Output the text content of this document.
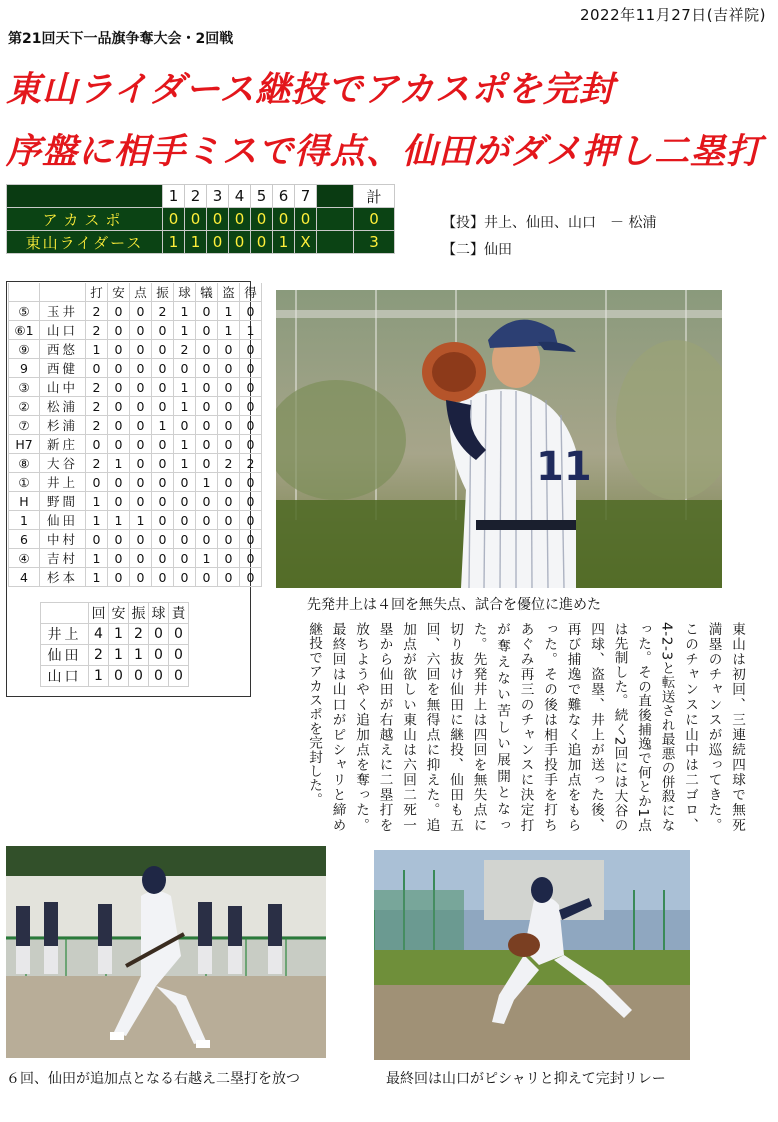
2022年11月27日(吉祥院)
第21回天下一品旗争奪大会・2回戦
東山ライダース継投でアカスポを完封
序盤に相手ミスで得点、仙田がダメ押し二塁打
	1	2	3	4	5	6	7		計
アカスポ	0	0	0	0	0	0	0		0
東山ライダース	1	1	0	0	0	1	X		3
【投】井上、仙田、山口　－ 松浦
【二】仙田
		打	安	点	振	球	犠	盗	得
⑤	玉井	2	0	0	2	1	0	1	0
⑥1	山口	2	0	0	0	1	0	1	1
⑨	西悠	1	0	0	0	2	0	0	0
9	西健	0	0	0	0	0	0	0	0
③	山中	2	0	0	0	1	0	0	0
②	松浦	2	0	0	0	1	0	0	0
⑦	杉浦	2	0	0	1	0	0	0	0
H7	新庄	0	0	0	0	1	0	0	0
⑧	大谷	2	1	0	0	1	0	2	2
①	井上	0	0	0	0	0	1	0	0
H	野間	1	0	0	0	0	0	0	0
1	仙田	1	1	1	0	0	0	0	0
6	中村	0	0	0	0	0	0	0	0
④	吉村	1	0	0	0	0	1	0	0
4	杉本	1	0	0	0	0	0	0	0
	回	安	振	球	責
井上	4	1	2	0	0
仙田	2	1	1	0	0
山口	1	0	0	0	0
11
先発井上は４回を無失点、試合を優位に進めた
東山は初回、三連続四球で無死満塁のチャンスが巡ってきた。このチャンスに山中は二ゴロ、4-2-3と転送され最悪の併殺になった。その直後捕逸で何とか1点は先制した。続く2回には大谷の四球、盗塁、井上が送った後、再び捕逸で難なく追加点をもらった。その後は相手投手を打ちあぐみ再三のチャンスに決定打が奪えない苦しい展開となった。先発井上は四回を無失点に切り抜け仙田に継投、仙田も五回、六回を無得点に抑えた。追加点が欲しい東山は六回二死一塁から仙田が右越えに二塁打を放ちようやく追加点を奪った。最終回は山口がピシャリと締め継投でアカスポを完封した。
６回、仙田が追加点となる右越え二塁打を放つ	最終回は山口がピシャリと抑えて完封リレー
